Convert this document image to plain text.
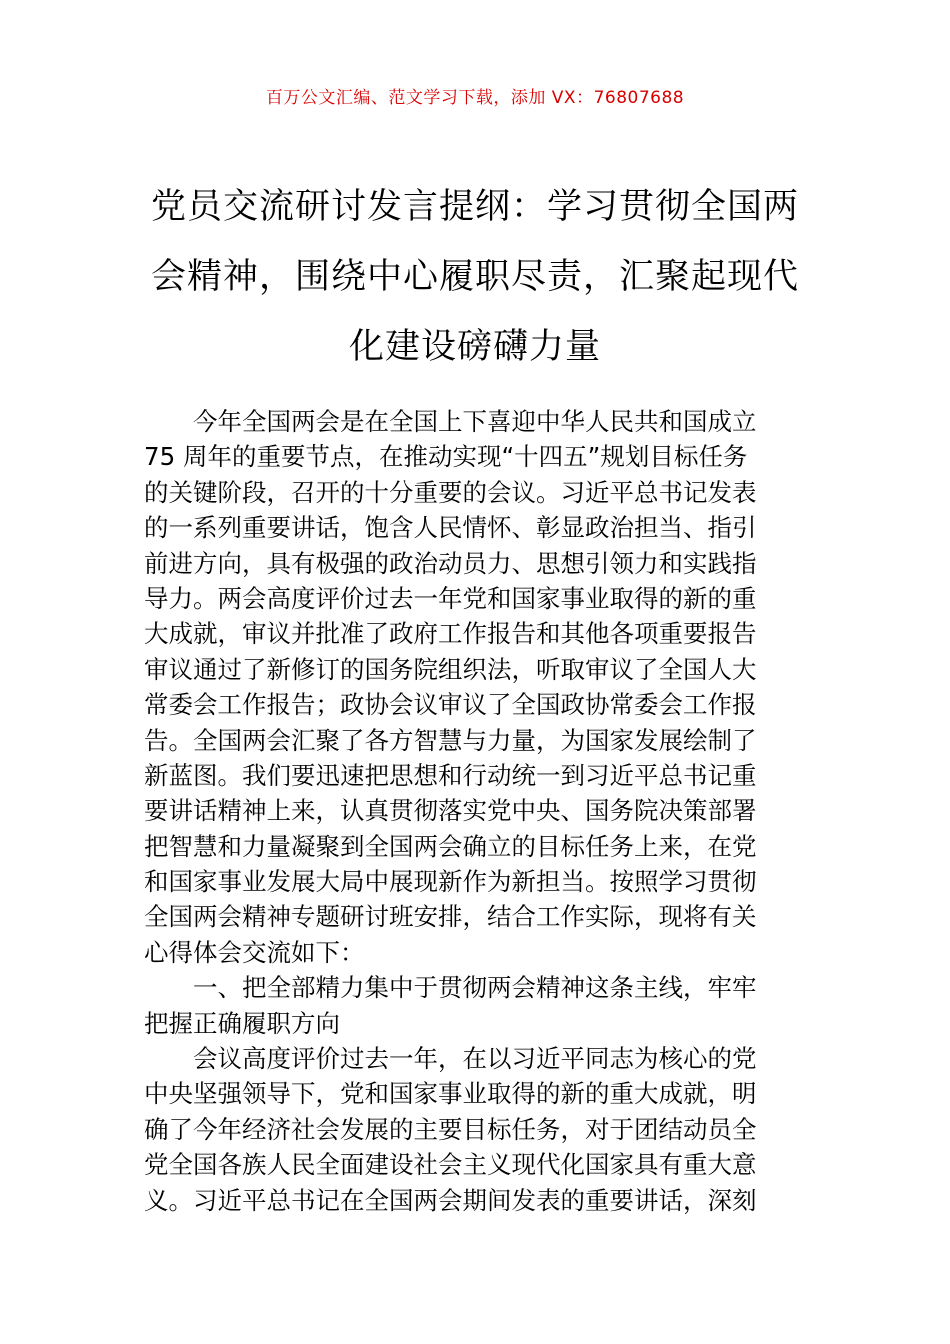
百万公文汇编、范文学习下载，添加 VX：76807688
党员交流研讨发言提纲：学习贯彻全国两
会精神，围绕中心履职尽责，汇聚起现代
化建设磅礴力量
今年全国两会是在全国上下喜迎中华人民共和国成立
75 周年的重要节点，在推动实现“十四五”规划目标任务
的关键阶段，召开的十分重要的会议。习近平总书记发表
的一系列重要讲话，饱含人民情怀、彰显政治担当、指引
前进方向，具有极强的政治动员力、思想引领力和实践指
导力。两会高度评价过去一年党和国家事业取得的新的重
大成就，审议并批准了政府工作报告和其他各项重要报告
审议通过了新修订的国务院组织法，听取审议了全国人大
常委会工作报告；政协会议审议了全国政协常委会工作报
告。全国两会汇聚了各方智慧与力量，为国家发展绘制了
新蓝图。我们要迅速把思想和行动统一到习近平总书记重
要讲话精神上来，认真贯彻落实党中央、国务院决策部署
把智慧和力量凝聚到全国两会确立的目标任务上来，在党
和国家事业发展大局中展现新作为新担当。按照学习贯彻
全国两会精神专题研讨班安排，结合工作实际，现将有关
心得体会交流如下：
一、把全部精力集中于贯彻两会精神这条主线，牢牢
把握正确履职方向
会议高度评价过去一年，在以习近平同志为核心的党
中央坚强领导下，党和国家事业取得的新的重大成就，明
确了今年经济社会发展的主要目标任务，对于团结动员全
党全国各族人民全面建设社会主义现代化国家具有重大意
义。习近平总书记在全国两会期间发表的重要讲话，深刻
